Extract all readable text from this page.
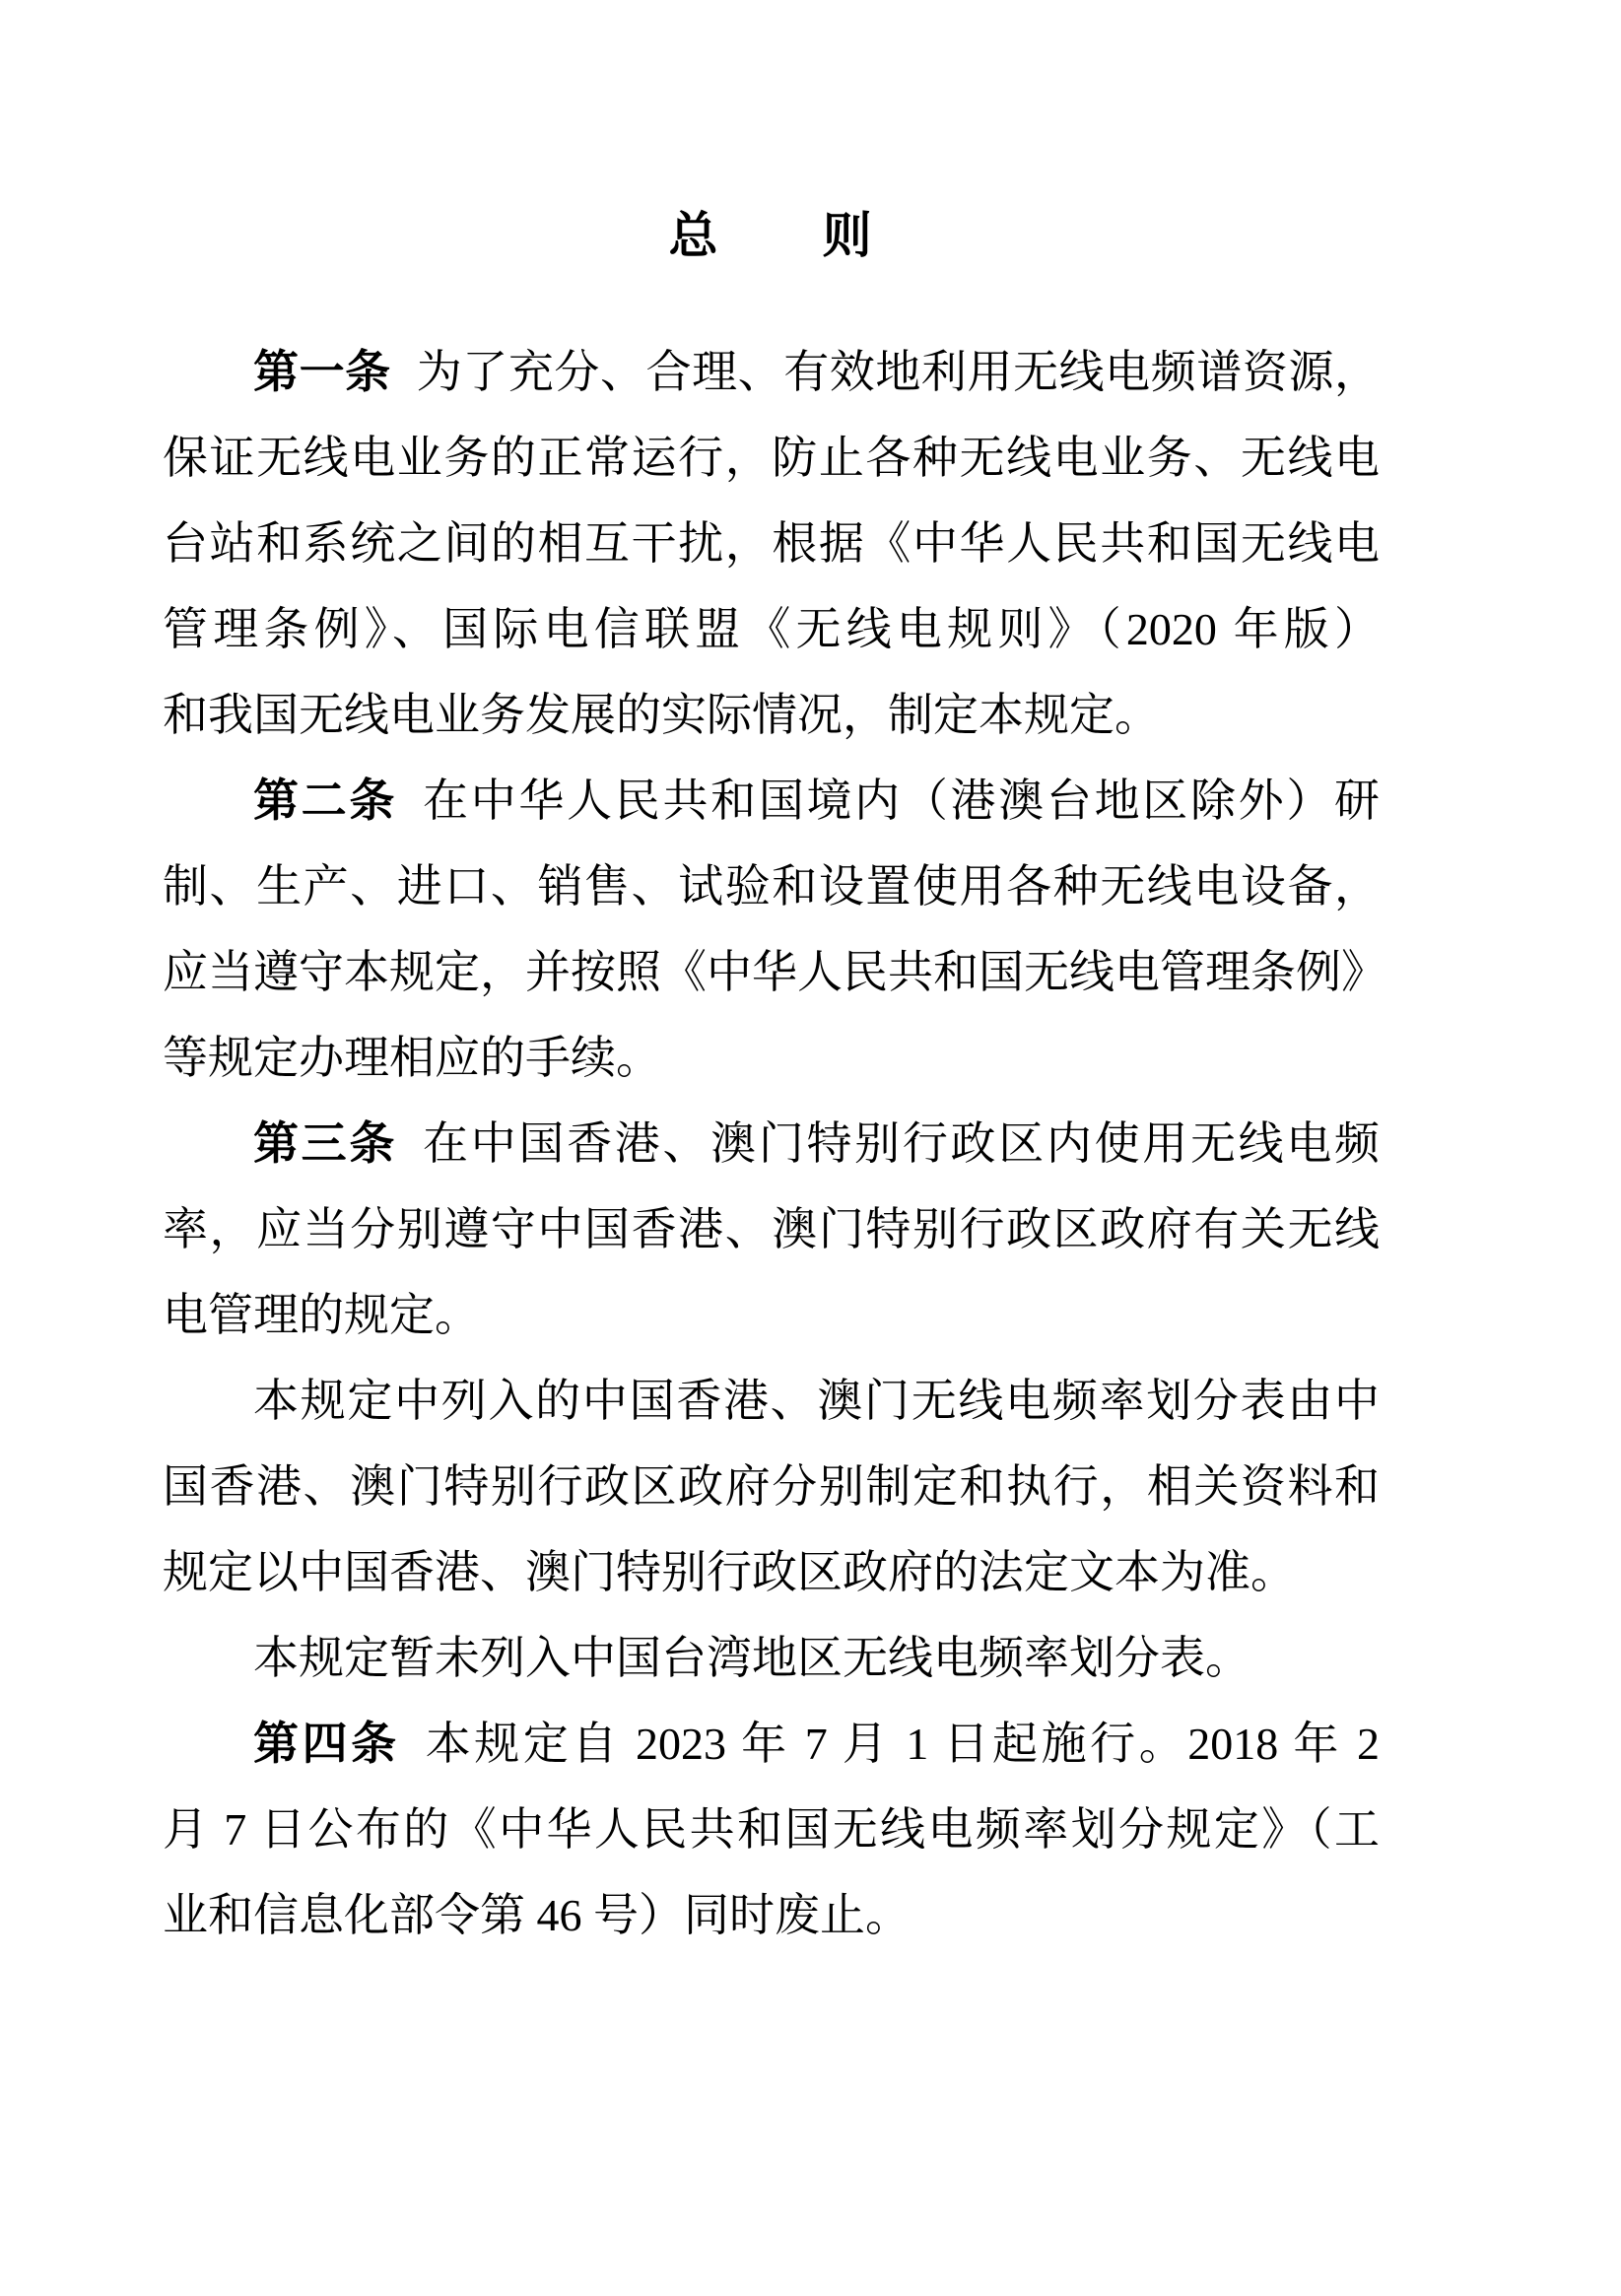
总　　则
第一条 为了充分、合理、有效地利用无线电频谱资源，
保证无线电业务的正常运行，防止各种无线电业务、无线电
台站和系统之间的相互干扰，根据《中华人民共和国无线电
管理条例》、国际电信联盟《无线电规则》（2020 年版）
和我国无线电业务发展的实际情况，制定本规定。
第二条 在中华人民共和国境内（港澳台地区除外）研
制、生产、进口、销售、试验和设置使用各种无线电设备，
应当遵守本规定，并按照《中华人民共和国无线电管理条例》
等规定办理相应的手续。
第三条 在中国香港、澳门特别行政区内使用无线电频
率，应当分别遵守中国香港、澳门特别行政区政府有关无线
电管理的规定。
本规定中列入的中国香港、澳门无线电频率划分表由中
国香港、澳门特别行政区政府分别制定和执行，相关资料和
规定以中国香港、澳门特别行政区政府的法定文本为准。
本规定暂未列入中国台湾地区无线电频率划分表。
第四条 本规定自 2023 年 7 月 1 日起施行。2018 年 2
月 7 日公布的《中华人民共和国无线电频率划分规定》（工
业和信息化部令第 46 号）同时废止。
